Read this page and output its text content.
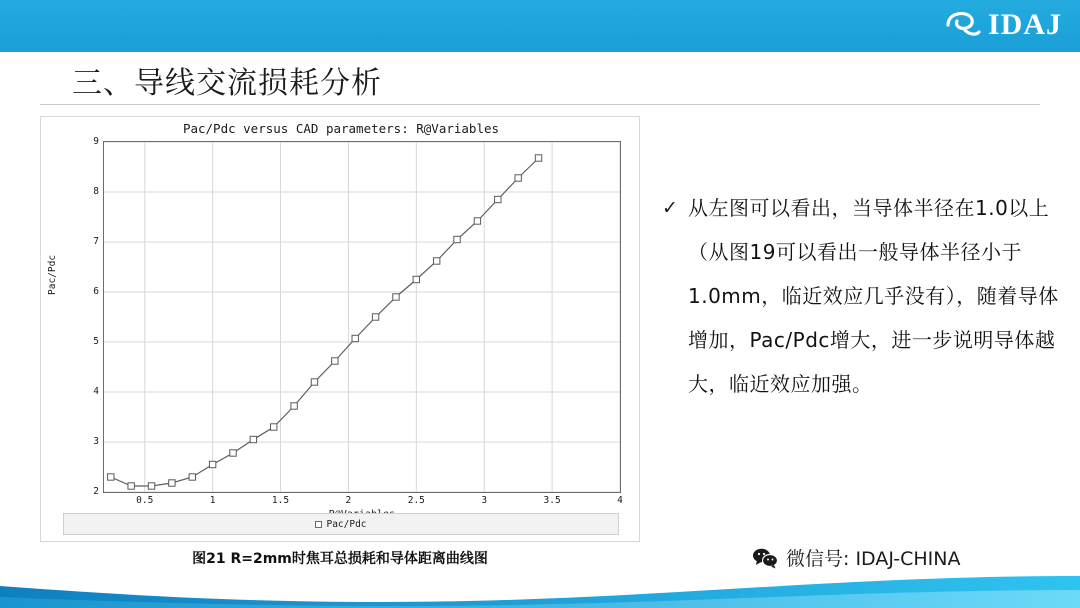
IDAJ
三、导线交流损耗分析
Pac/Pdc versus CAD parameters: R@Variables
Pac/Pdc
2
3
4
5
6
7
8
9
0.5	1	1.5	2	2.5	3	3.5	4
Pac/Pdc
图21 R=2mm时焦耳总损耗和导体距离曲线图
✓ 从左图可以看出，当导体半径在1.0以上（从图19可以看出一般导体半径小于1.0mm，临近效应几乎没有），随着导体增加，Pac/Pdc增大，进一步说明导体越大，临近效应加强。
微信号: IDAJ-CHINA
